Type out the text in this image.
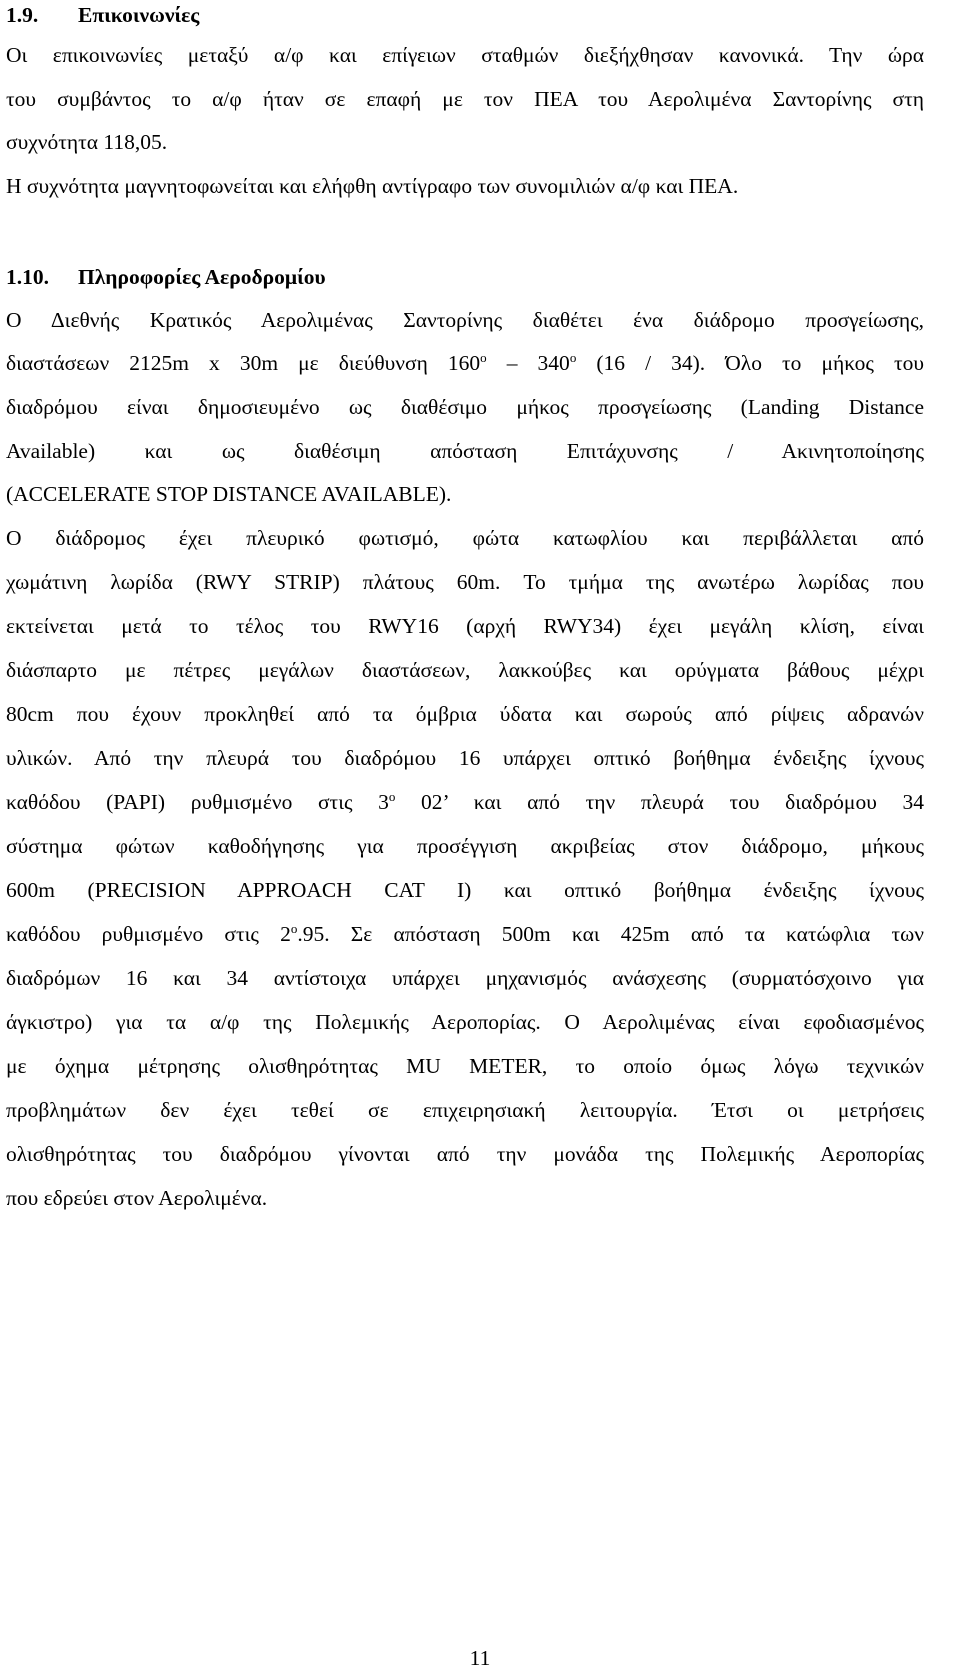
1.9. Επικοινωνίες
Οι επικοινωνίες μεταξύ α/φ και επίγειων σταθμών διεξήχθησαν κανονικά. Την ώρα
του συμβάντος το α/φ ήταν σε επαφή με τον ΠΕΑ του Αερολιμένα Σαντορίνης στη
συχνότητα 118,05.
Η συχνότητα μαγνητοφωνείται και ελήφθη αντίγραφο των συνομιλιών α/φ και ΠΕΑ.
1.10. Πληροφορίες Αεροδρομίου
Ο Διεθνής Κρατικός Αερολιμένας Σαντορίνης διαθέτει ένα διάδρομο προσγείωσης,
διαστάσεων 2125m x 30m με διεύθυνση $160^o - 340^o$ (16 / 34). Όλο το μήκος του
διαδρόμου είναι δημοσιευμένο ως διαθέσιμο μήκος προσγείωσης (Landing Distance
Available) και ως διαθέσιμη απόσταση Επιτάχυνσης / Ακινητοποίησης
(ACCELERATE STOP DISTANCE AVAILABLE).
Ο διάδρομος έχει πλευρικό φωτισμό, φώτα κατωφλίου και περιβάλλεται από
χωμάτινη λωρίδα (RWY STRIP) πλάτους 60m. Το τμήμα της ανωτέρω λωρίδας που
εκτείνεται μετά το τέλος του RWY16 (αρχή RWY34) έχει μεγάλη κλίση, είναι
διάσπαρτο με πέτρες μεγάλων διαστάσεων, λακκούβες και ορύγματα βάθους μέχρι
80cm που έχουν προκληθεί από τα όμβρια ύδατα και σωρούς από ρίψεις αδρανών
υλικών. Από την πλευρά του διαδρόμου 16 υπάρχει οπτικό βοήθημα ένδειξης ίχνους
καθόδου (PAPI) ρυθμισμένο στις $3^o$ 02’ και από την πλευρά του διαδρόμου 34
σύστημα φώτων καθοδήγησης για προσέγγιση ακριβείας στον διάδρομο, μήκους
600m (PRECISION APPROACH CAT I) και οπτικό βοήθημα ένδειξης ίχνους
καθόδου ρυθμισμένο στις $2^o.95$. Σε απόσταση 500m και 425m από τα κατώφλια των
διαδρόμων 16 και 34 αντίστοιχα υπάρχει μηχανισμός ανάσχεσης (συρματόσχοινο για
άγκιστρο) για τα α/φ της Πολεμικής Αεροπορίας. Ο Αερολιμένας είναι εφοδιασμένος
με όχημα μέτρησης ολισθηρότητας MU METER, το οποίο όμως λόγω τεχνικών
προβλημάτων δεν έχει τεθεί σε επιχειρησιακή λειτουργία. Έτσι οι μετρήσεις
ολισθηρότητας του διαδρόμου γίνονται από την μονάδα της Πολεμικής Αεροπορίας
που εδρεύει στον Αερολιμένα.
11
